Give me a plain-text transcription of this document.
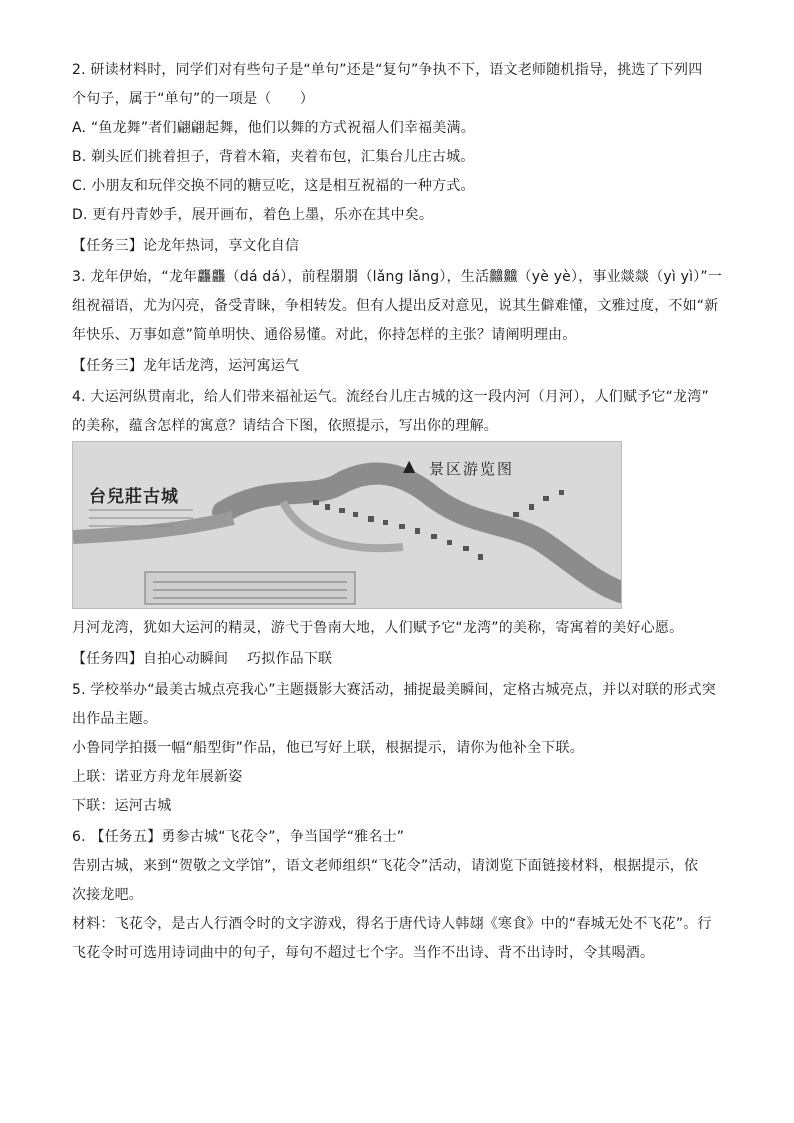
2. 研读材料时，同学们对有些句子是“单句”还是“复句”争执不下，语文老师随机指导，挑选了下列四

个句子，属于“单句”的一项是（　　）

A. “鱼龙舞”者们翩翩起舞，他们以舞的方式祝福人们幸福美满。

B. 剃头匠们挑着担子，背着木箱，夹着布包，汇集台儿庄古城。

C. 小朋友和玩伴交换不同的糖豆吃，这是相互祝福的一种方式。

D. 更有丹青妙手，展开画布，着色上墨，乐亦在其中矣。

【任务三】论龙年热词，享文化自信

3. 龙年伊始，“龙年龘龘（dá dá），前程朤朤（lǎng lǎng），生活䲜䲜（yè yè），事业燚燚（yì yì）”一

组祝福语，尤为闪亮，备受青睐，争相转发。但有人提出反对意见，说其生僻难懂，文雅过度，不如“新

年快乐、万事如意”简单明快、通俗易懂。对此，你持怎样的主张？请阐明理由。

【任务三】龙年话龙湾，运河寓运气

4. 大运河纵贯南北，给人们带来福祉运气。流经台儿庄古城的这一段内河（月河），人们赋予它“龙湾”

的美称，蕴含怎样的寓意？请结合下图，依照提示，写出你的理解。

▲
台兒莊古城
景区游览图

月河龙湾，犹如大运河的精灵，游弋于鲁南大地，人们赋予它“龙湾”的美称，寄寓着的美好心愿。

【任务四】自拍心动瞬间　 巧拟作品下联

5. 学校举办“最美古城点亮我心”主题摄影大赛活动，捕捉最美瞬间，定格古城亮点，并以对联的形式突

出作品主题。

小鲁同学拍摄一幅“船型街”作品，他已写好上联，根据提示，请你为他补全下联。

上联：诺亚方舟龙年展新姿

下联：运河古城

6. 【任务五】勇参古城“飞花令”，争当国学“雅名士”

告别古城，来到“贺敬之文学馆”，语文老师组织“飞花令”活动，请浏览下面链接材料，根据提示，依

次接龙吧。

材料：飞花令，是古人行酒令时的文字游戏，得名于唐代诗人韩翃《寒食》中的“春城无处不飞花”。行

飞花令时可选用诗词曲中的句子，每句不超过七个字。当作不出诗、背不出诗时，令其喝酒。
